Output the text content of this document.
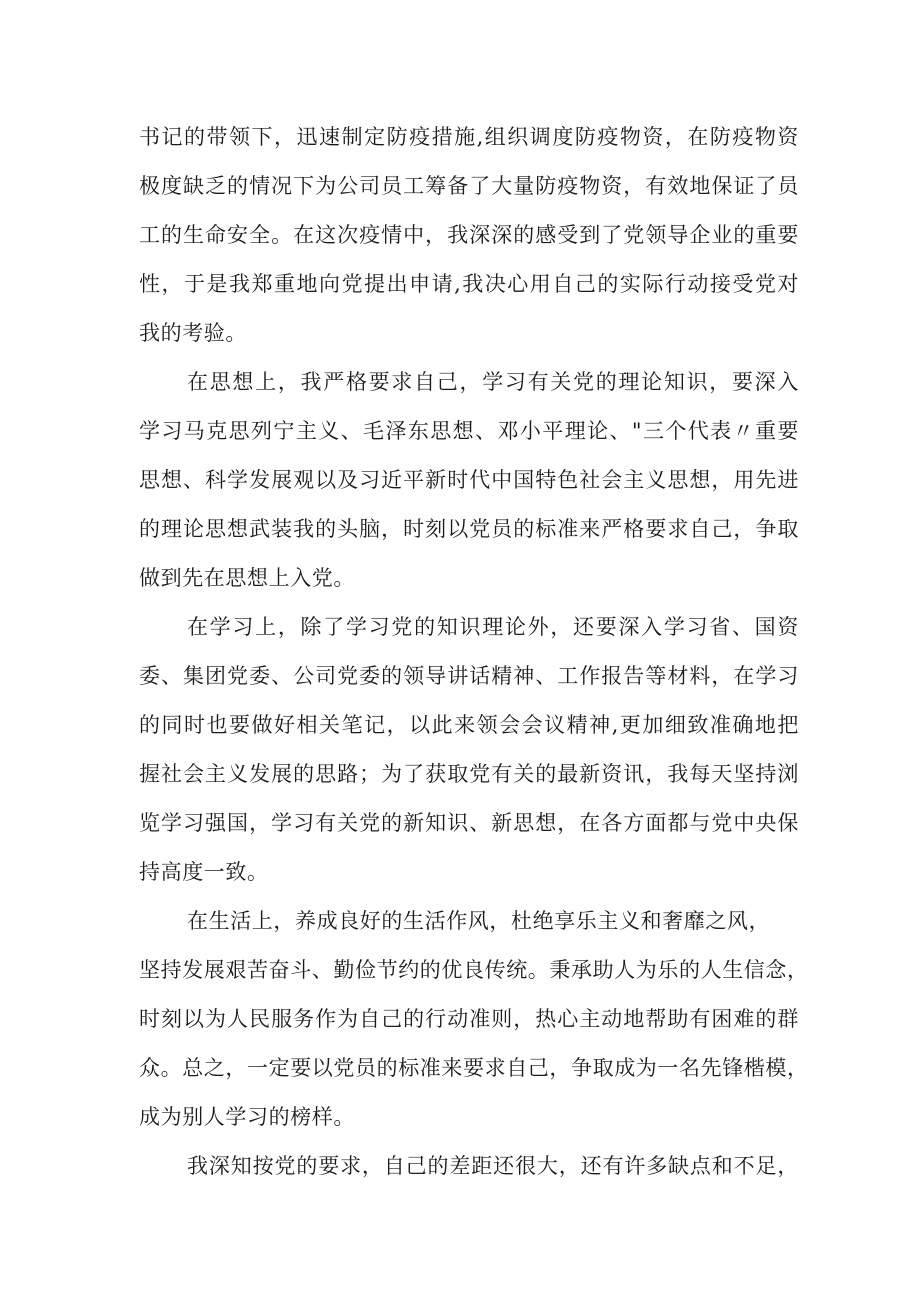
书记的带领下，迅速制定防疫措施,组织调度防疫物资，在防疫物资
极度缺乏的情况下为公司员工筹备了大量防疫物资，有效地保证了员
工的生命安全。在这次疫情中，我深深的感受到了党领导企业的重要
性，于是我郑重地向党提出申请,我决心用自己的实际行动接受党对
我的考验。
在思想上，我严格要求自己，学习有关党的理论知识，要深入
学习马克思列宁主义、毛泽东思想、邓小平理论、"三个代表〃重要
思想、科学发展观以及习近平新时代中国特色社会主义思想，用先进
的理论思想武装我的头脑，时刻以党员的标准来严格要求自己，争取
做到先在思想上入党。
在学习上，除了学习党的知识理论外，还要深入学习省、国资
委、集团党委、公司党委的领导讲话精神、工作报告等材料，在学习
的同时也要做好相关笔记，以此来领会会议精神,更加细致准确地把
握社会主义发展的思路；为了获取党有关的最新资讯，我每天坚持浏
览学习强国，学习有关党的新知识、新思想，在各方面都与党中央保
持高度一致。
在生活上，养成良好的生活作风，杜绝享乐主义和奢靡之风，
坚持发展艰苦奋斗、勤俭节约的优良传统。秉承助人为乐的人生信念，
时刻以为人民服务作为自己的行动准则，热心主动地帮助有困难的群
众。总之，一定要以党员的标准来要求自己，争取成为一名先锋楷模，
成为别人学习的榜样。
我深知按党的要求，自己的差距还很大，还有许多缺点和不足，
